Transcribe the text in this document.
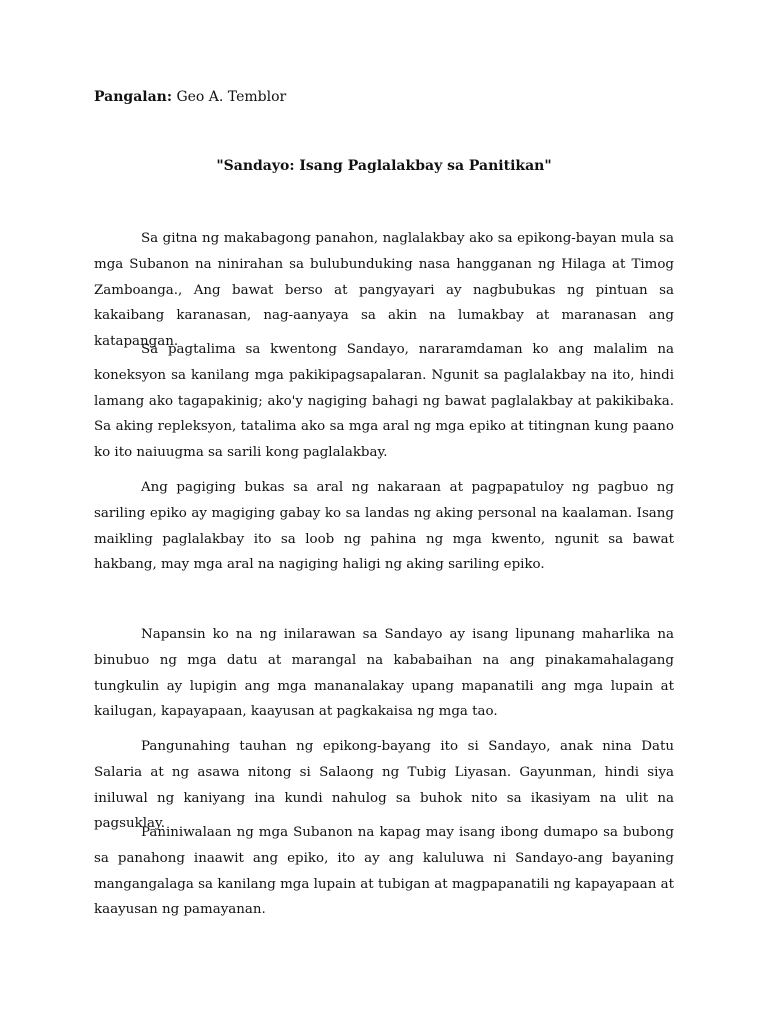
Pangalan: Geo A. Temblor
"Sandayo: Isang Paglalakbay sa Panitikan"

Sa gitna ng makabagong panahon, naglalakbay ako sa epikong-bayan mula sa mga Subanon na ninirahan sa bulubunduking nasa hangganan ng Hilaga at Timog Zamboanga., Ang bawat berso at pangyayari ay nagbubukas ng pintuan sa kakaibang karanasan, nag-aanyaya sa akin na lumakbay at maranasan ang katapangan.

Sa pagtalima sa kwentong Sandayo, nararamdaman ko ang malalim na koneksyon sa kanilang mga pakikipagsapalaran. Ngunit sa paglalakbay na ito, hindi lamang ako tagapakinig; ako'y nagiging bahagi ng bawat paglalakbay at pakikibaka. Sa aking repleksyon, tatalima ako sa mga aral ng mga epiko at titingnan kung paano ko ito naiuugma sa sarili kong paglalakbay.

Ang pagiging bukas sa aral ng nakaraan at pagpapatuloy ng pagbuo ng sariling epiko ay magiging gabay ko sa landas ng aking personal na kaalaman. Isang maikling paglalakbay ito sa loob ng pahina ng mga kwento, ngunit sa bawat hakbang, may mga aral na nagiging haligi ng aking sariling epiko.

Napansin ko na ng inilarawan sa Sandayo ay isang lipunang maharlika na binubuo ng mga datu at marangal na kababaihan na ang pinakamahalagang tungkulin ay lupigin ang mga mananalakay upang mapanatili ang mga lupain at kailugan, kapayapaan, kaayusan at pagkakaisa ng mga tao.

Pangunahing tauhan ng epikong-bayang ito si Sandayo, anak nina Datu Salaria at ng asawa nitong si Salaong ng Tubig Liyasan. Gayunman, hindi siya iniluwal ng kaniyang ina kundi nahulog sa buhok nito sa ikasiyam na ulit na pagsuklay.

Paniniwalaan ng mga Subanon na kapag may isang ibong dumapo sa bubong sa panahong inaawit ang epiko, ito ay ang kaluluwa ni Sandayo-ang bayaning mangangalaga sa kanilang mga lupain at tubigan at magpapanatili ng kapayapaan at kaayusan ng pamayanan.
